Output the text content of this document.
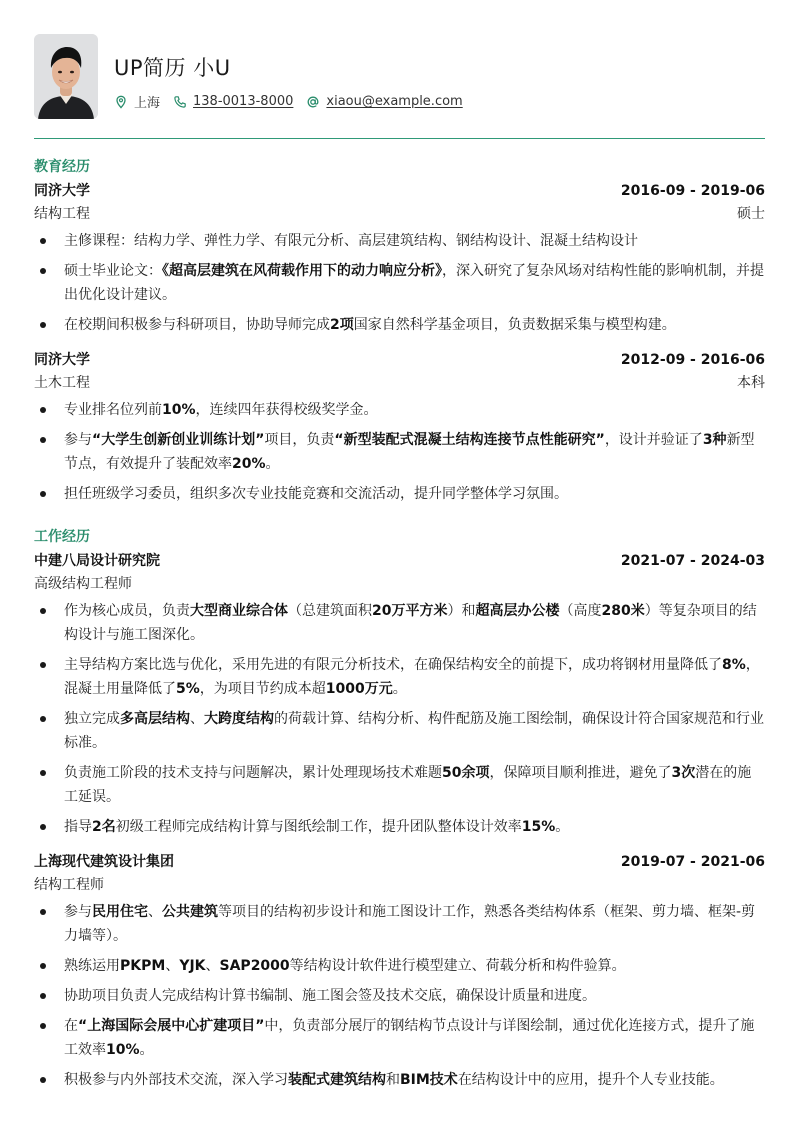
UP简历 小U
上海	138-0013-8000	xiaou@example.com
教育经历
同济大学	2016-09 - 2019-06
结构工程	硕士
主修课程：结构力学、弹性力学、有限元分析、高层建筑结构、钢结构设计、混凝土结构设计
硕士毕业论文：《超高层建筑在风荷载作用下的动力响应分析》，深入研究了复杂风场对结构性能的影响机制，并提出优化设计建议。
在校期间积极参与科研项目，协助导师完成2项国家自然科学基金项目，负责数据采集与模型构建。
同济大学	2012-09 - 2016-06
土木工程	本科
专业排名位列前10%，连续四年获得校级奖学金。
参与“大学生创新创业训练计划”项目，负责“新型装配式混凝土结构连接节点性能研究”，设计并验证了3种新型节点，有效提升了装配效率20%。
担任班级学习委员，组织多次专业技能竞赛和交流活动，提升同学整体学习氛围。
工作经历
中建八局设计研究院	2021-07 - 2024-03
高级结构工程师
作为核心成员，负责大型商业综合体（总建筑面积20万平方米）和超高层办公楼（高度280米）等复杂项目的结构设计与施工图深化。
主导结构方案比选与优化，采用先进的有限元分析技术，在确保结构安全的前提下，成功将钢材用量降低了8%，混凝土用量降低了5%，为项目节约成本超1000万元。
独立完成多高层结构、大跨度结构的荷载计算、结构分析、构件配筋及施工图绘制，确保设计符合国家规范和行业标准。
负责施工阶段的技术支持与问题解决，累计处理现场技术难题50余项，保障项目顺利推进，避免了3次潜在的施工延误。
指导2名初级工程师完成结构计算与图纸绘制工作，提升团队整体设计效率15%。
上海现代建筑设计集团	2019-07 - 2021-06
结构工程师
参与民用住宅、公共建筑等项目的结构初步设计和施工图设计工作，熟悉各类结构体系（框架、剪力墙、框架-剪力墙等）。
熟练运用PKPM、YJK、SAP2000等结构设计软件进行模型建立、荷载分析和构件验算。
协助项目负责人完成结构计算书编制、施工图会签及技术交底，确保设计质量和进度。
在“上海国际会展中心扩建项目”中，负责部分展厅的钢结构节点设计与详图绘制，通过优化连接方式，提升了施工效率10%。
积极参与内外部技术交流，深入学习装配式建筑结构和BIM技术在结构设计中的应用，提升个人专业技能。
